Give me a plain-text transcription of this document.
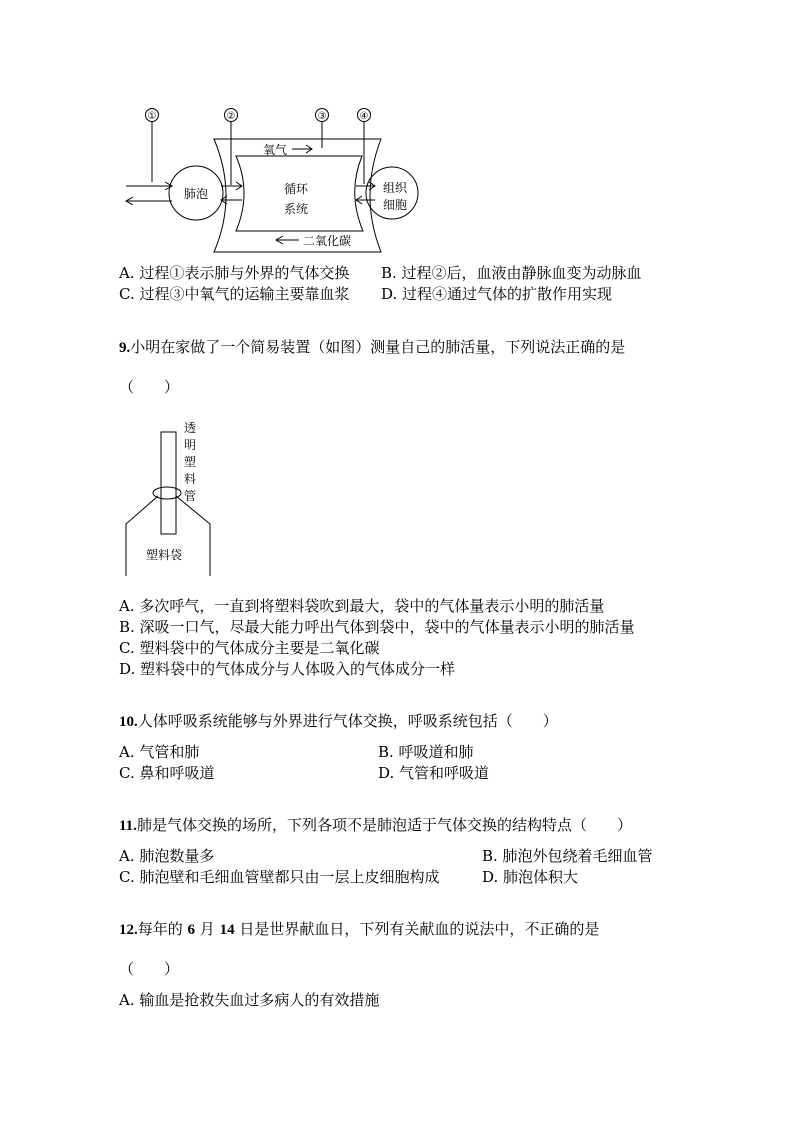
①	②	③	④
肺泡
氧气
循环
系统
二氧化碳
组织
细胞
A. 过程①表示肺与外界的气体交换 B. 过程②后，血液由静脉血变为动脉血
C. 过程③中氧气的运输主要靠血浆 D. 过程④通过气体的扩散作用实现
9.小明在家做了一个简易装置（如图）测量自己的肺活量，下列说法正确的是
（　　）
透
明
塑
料
管
塑料袋
A. 多次呼气，一直到将塑料袋吹到最大，袋中的气体量表示小明的肺活量
B. 深吸一口气，尽最大能力呼出气体到袋中，袋中的气体量表示小明的肺活量
C. 塑料袋中的气体成分主要是二氧化碳
D. 塑料袋中的气体成分与人体吸入的气体成分一样
10.人体呼吸系统能够与外界进行气体交换，呼吸系统包括（　　）
A. 气管和肺	B. 呼吸道和肺
C. 鼻和呼吸道	D. 气管和呼吸道
11.肺是气体交换的场所，下列各项不是肺泡适于气体交换的结构特点（　　）
A. 肺泡数量多	B. 肺泡外包绕着毛细血管
C. 肺泡壁和毛细血管壁都只由一层上皮细胞构成	D. 肺泡体积大
12.每年的 6 月 14 日是世界献血日，下列有关献血的说法中，不正确的是
（　　）
A. 输血是抢救失血过多病人的有效措施
